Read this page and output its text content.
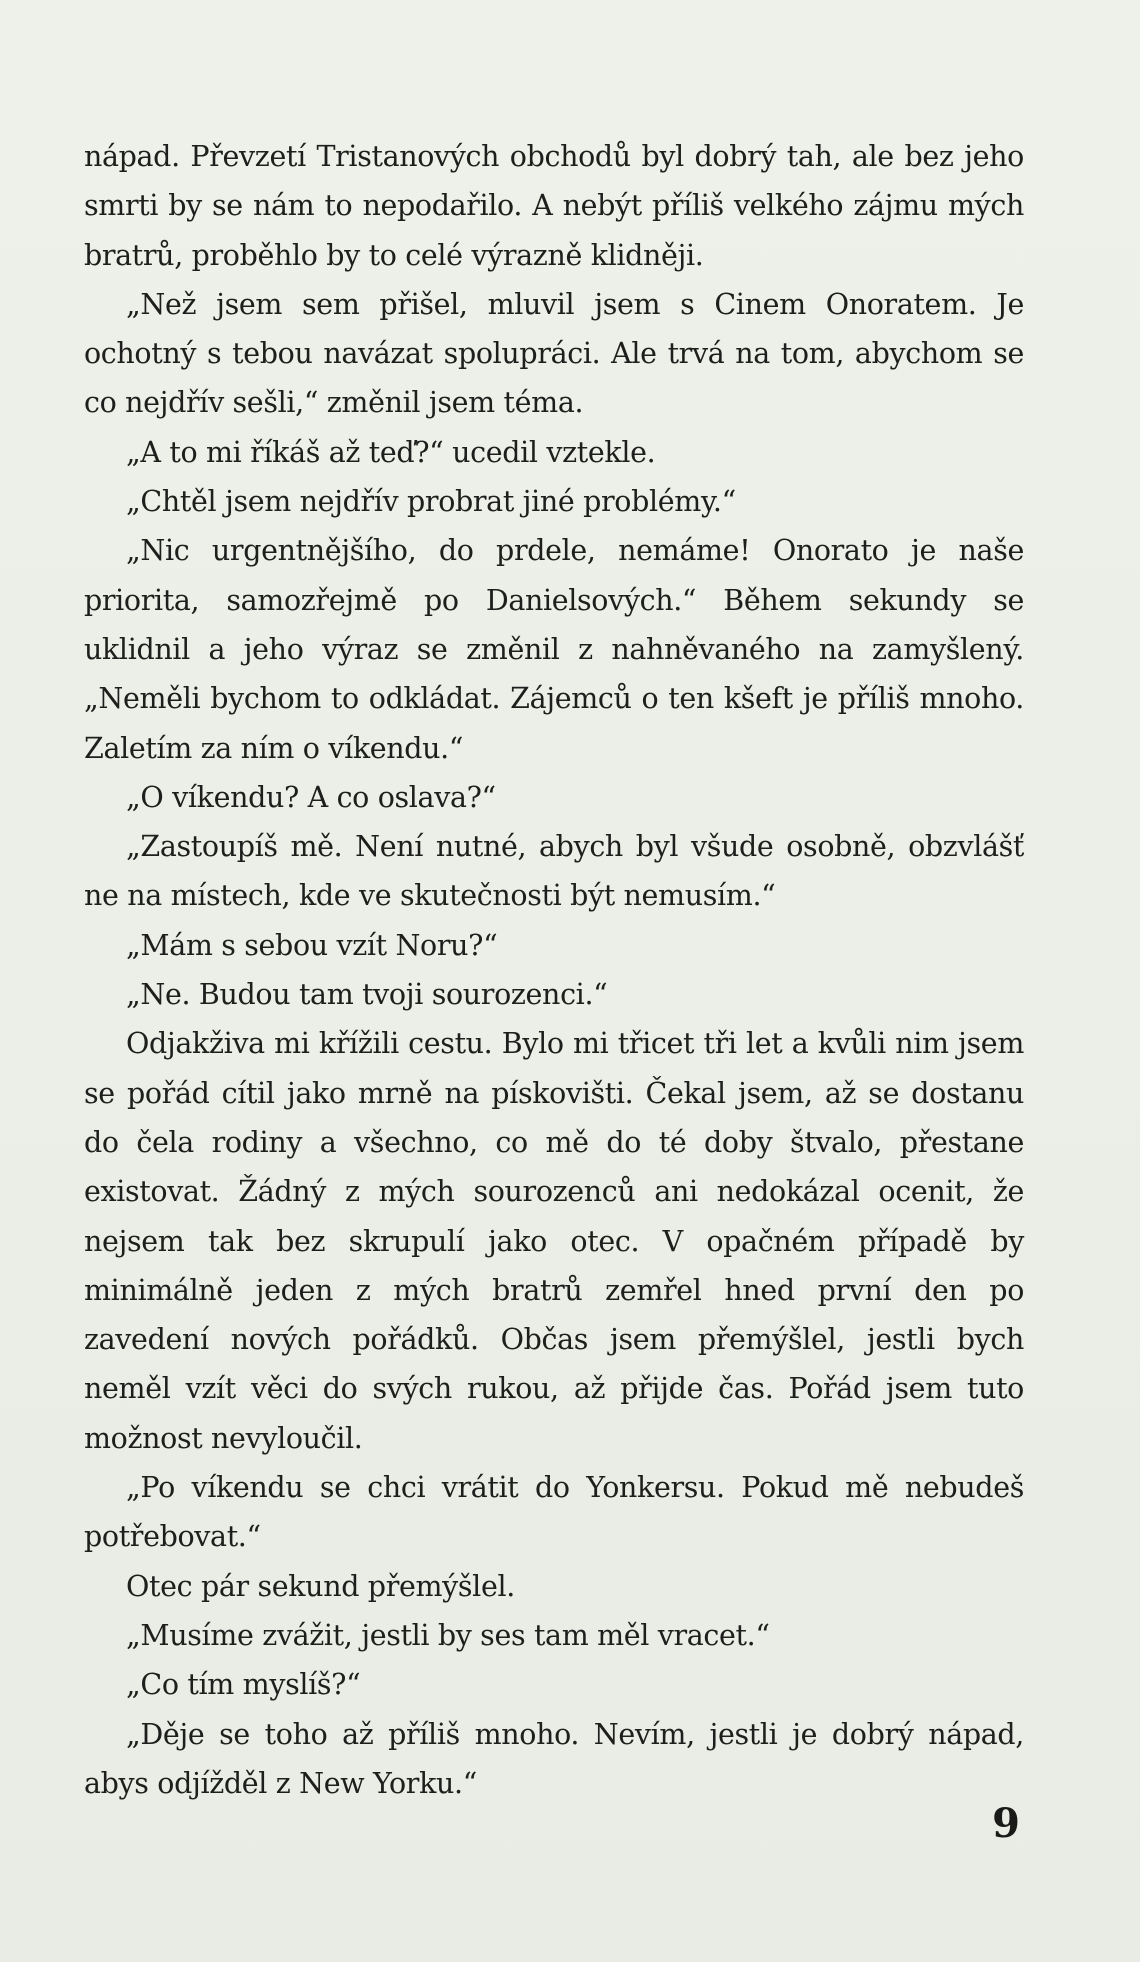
nápad. Převzetí Tristanových obchodů byl dobrý tah, ale bez jeho smrti by se nám to nepodařilo. A nebýt příliš velkého zájmu mých bratrů, proběhlo by to celé výrazně klidněji.

„Než jsem sem přišel, mluvil jsem s Cinem Onoratem. Je ochotný s tebou navázat spolupráci. Ale trvá na tom, abychom se co nejdřív sešli,“ změnil jsem téma.

„A to mi říkáš až teď?“ ucedil vztekle.

„Chtěl jsem nejdřív probrat jiné problémy.“

„Nic urgentnějšího, do prdele, nemáme! Onorato je naše priorita, samozřejmě po Danielsových.“ Během sekundy se uklidnil a jeho výraz se změnil z nahněvaného na zamyšlený. „Neměli bychom to odkládat. Zájemců o ten kšeft je příliš mnoho. Zaletím za ním o víkendu.“

„O víkendu? A co oslava?“

„Zastoupíš mě. Není nutné, abych byl všude osobně, obzvlášť ne na místech, kde ve skutečnosti být nemusím.“

„Mám s sebou vzít Noru?“

„Ne. Budou tam tvoji sourozenci.“

Odjakživa mi křížili cestu. Bylo mi třicet tři let a kvůli nim jsem se pořád cítil jako mrně na pískovišti. Čekal jsem, až se dostanu do čela rodiny a všechno, co mě do té doby štvalo, přestane existovat. Žádný z mých sourozenců ani nedokázal ocenit, že nejsem tak bez skrupulí jako otec. V opačném případě by minimálně jeden z mých bratrů zemřel hned první den po zavedení nových pořádků. Občas jsem přemýšlel, jestli bych neměl vzít věci do svých rukou, až přijde čas. Pořád jsem tuto možnost nevyloučil.

„Po víkendu se chci vrátit do Yonkersu. Pokud mě nebudeš potřebovat.“

Otec pár sekund přemýšlel.

„Musíme zvážit, jestli by ses tam měl vracet.“

„Co tím myslíš?“

„Děje se toho až příliš mnoho. Nevím, jestli je dobrý nápad, abys odjížděl z New Yorku.“

9
